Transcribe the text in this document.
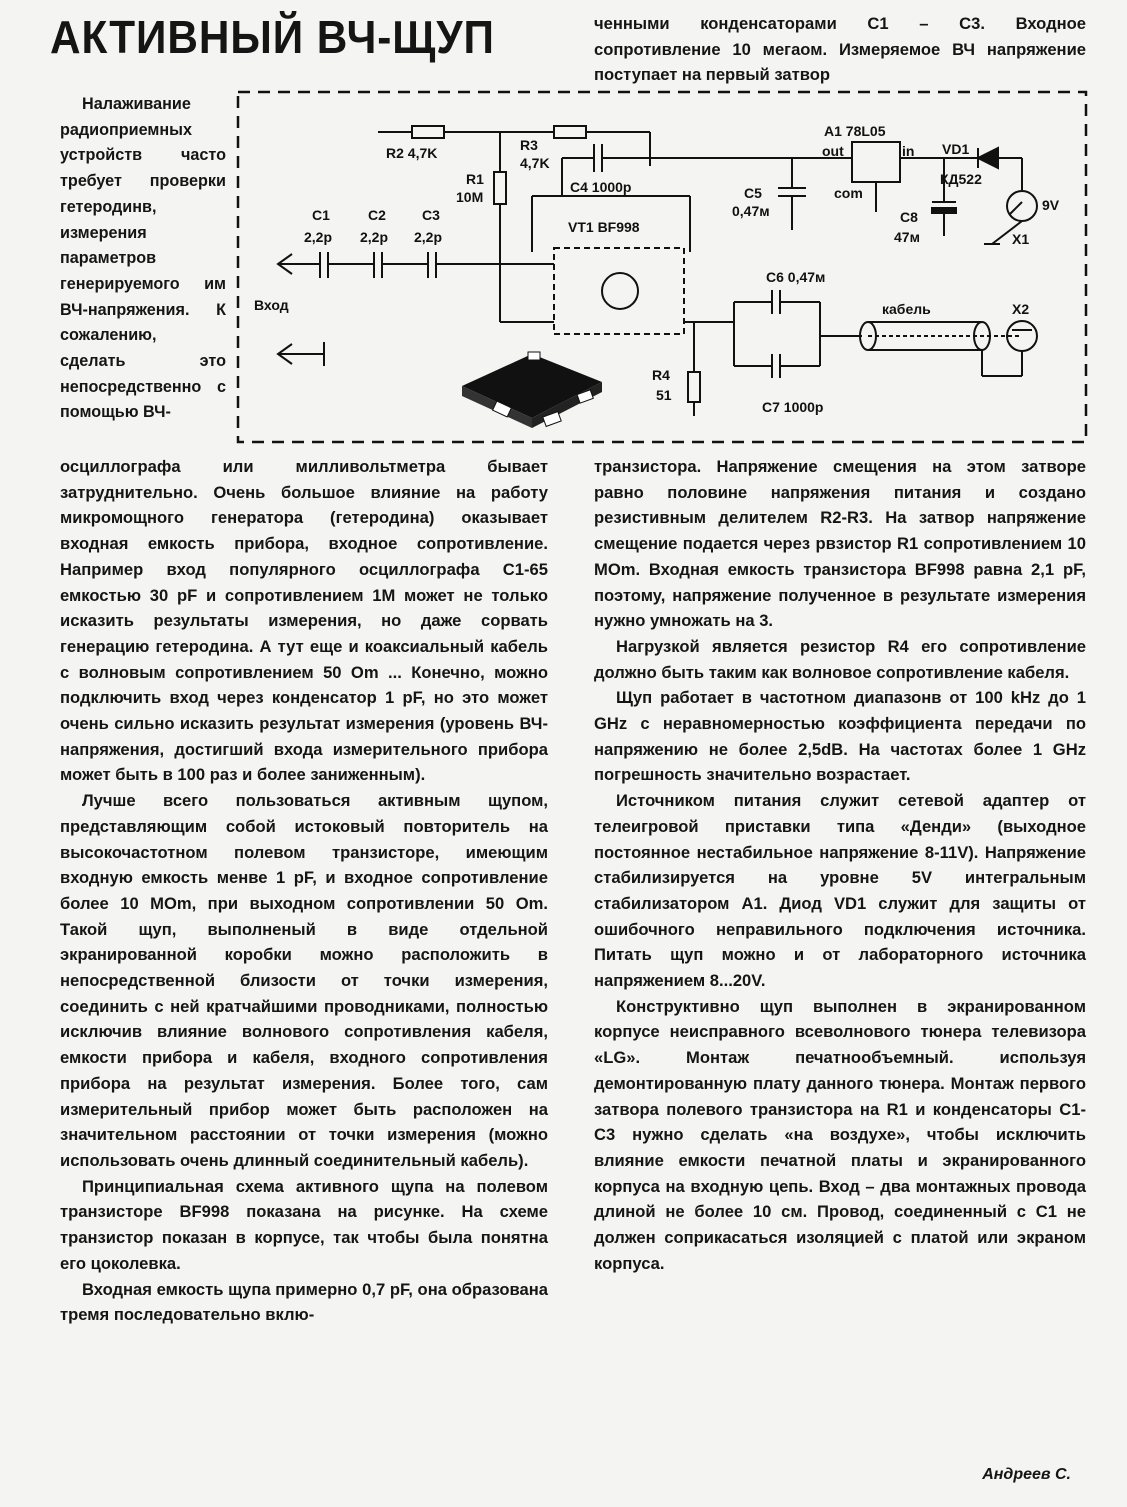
АКТИВНЫЙ ВЧ-ЩУП	ченными конденсаторами С1 – С3. Входное сопротивление 10 мегаом. Измеряемое ВЧ напряжение поступает на первый затвор

Налаживание радиоприемных устройств часто требует проверки гетеродинв, измерения параметров генерируемого им ВЧ-напряжения. К сожалению, сделать это непосредственно с помощью ВЧ-

R2 4,7K	R3
4,7K
R1
10M
C4 1000p	C5
0,47м
A1 78L05
out	in
com
VD1
КД522
C8
47м
9V
X1
C1
2,2p
C2
2,2p
C3
2,2p
VT1 BF998
Вход
C6 0,47м
C7 1000p
R4
51
кабель	X2

осциллографа или милливольтметра бывает затруднительно. Очень большое влияние на работу микромощного генератора (гетеродина) оказывает входная емкость прибора, входное сопротивление. Например вход популярного осциллографа С1-65 емкостью 30 pF и сопротивлением 1М может не только исказить результаты измерения, но даже сорвать генерацию гетеродина. А тут еще и коаксиальный кабель с волновым сопротивлением 50 Om ... Конечно, можно подключить вход через конденсатор 1 pF, но это может очень сильно исказить результат измерения (уровень ВЧ-напряжения, достигший входа измерительного прибора может быть в 100 раз и более заниженным).

Лучше всего пользоваться активным щупом, представляющим собой истоковый повторитель на высокочастотном полевом транзисторе, имеющим входную емкость менве 1 pF, и входное сопротивление более 10 MOm, при выходном сопротивлении 50 Om. Такой щуп, выполненый в виде отдельной экранированной коробки можно расположить в непосредственной близости от точки измерения, соединить с ней кратчайшими проводниками, полностью исключив влияние волнового сопротивления кабеля, емкости прибора и кабеля, входного сопротивления прибора на результат измерения. Более того, сам измерительный прибор может быть расположен на значительном расстоянии от точки измерения (можно использовать очень длинный соединительный кабель).

Принципиальная схема активного щупа на полевом транзисторе BF998 показана на рисунке. На схеме транзистор показан в корпусе, так чтобы была понятна его цоколевка.

Входная емкость щупа примерно 0,7 pF, она образована тремя последовательно вклю-

транзистора. Напряжение смещения на этом затворе равно половине напряжения питания и создано резистивным делителем R2-R3. На затвор напряжение смещение подается через рвзистор R1 сопротивлением 10 MOm. Входная емкость транзистора BF998 равна 2,1 pF, поэтому, напряжение полученное в результате измерения нужно умножать на 3.

Нагрузкой является резистор R4 его сопротивление должно быть таким как волновое сопротивление кабеля.

Щуп работает в частотном диапазонв от 100 kHz до 1 GHz с неравномерностью коэффициента передачи по напряжению не более 2,5dB. На частотах более 1 GHz погрешность значительно возрастает.

Источником питания служит сетевой адаптер от телеигровой приставки типа «Денди» (выходное постоянное нестабильное напряжение 8-11V). Напряжение стабилизируется на уровне 5V интегральным стабилизатором А1. Диод VD1 служит для защиты от ошибочного неправильного подключения источника. Питать щуп можно и от лабораторного источника напряжением 8...20V.

Конструктивно щуп выполнен в экранированном корпусе неисправного всеволнового тюнера телевизора «LG». Монтаж печатнообъемный. используя демонтированную плату данного тюнера. Монтаж первого затвора полевого транзистора на R1 и конденсаторы С1-С3 нужно сделать «на воздухе», чтобы исключить влияние емкости печатной платы и экранированного корпуса на входную цепь. Вход – два монтажных провода длиной не более 10 см. Провод, соединенный с С1 не должен соприкасаться изоляцией с платой или экраном корпуса.

Андреев С.
